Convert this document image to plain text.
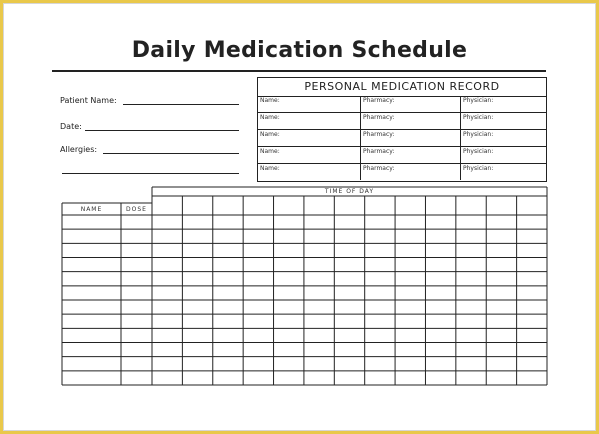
Daily Medication Schedule
Patient Name:
Date:
Allergies:
PERSONAL MEDICATION RECORD
Name:	Pharmacy:	Physician:
Name:	Pharmacy:	Physician:
Name:	Pharmacy:	Physician:
Name:	Pharmacy:	Physician:
Name:	Pharmacy:	Physician:
TIME OF DAY
NAME	DOSE
